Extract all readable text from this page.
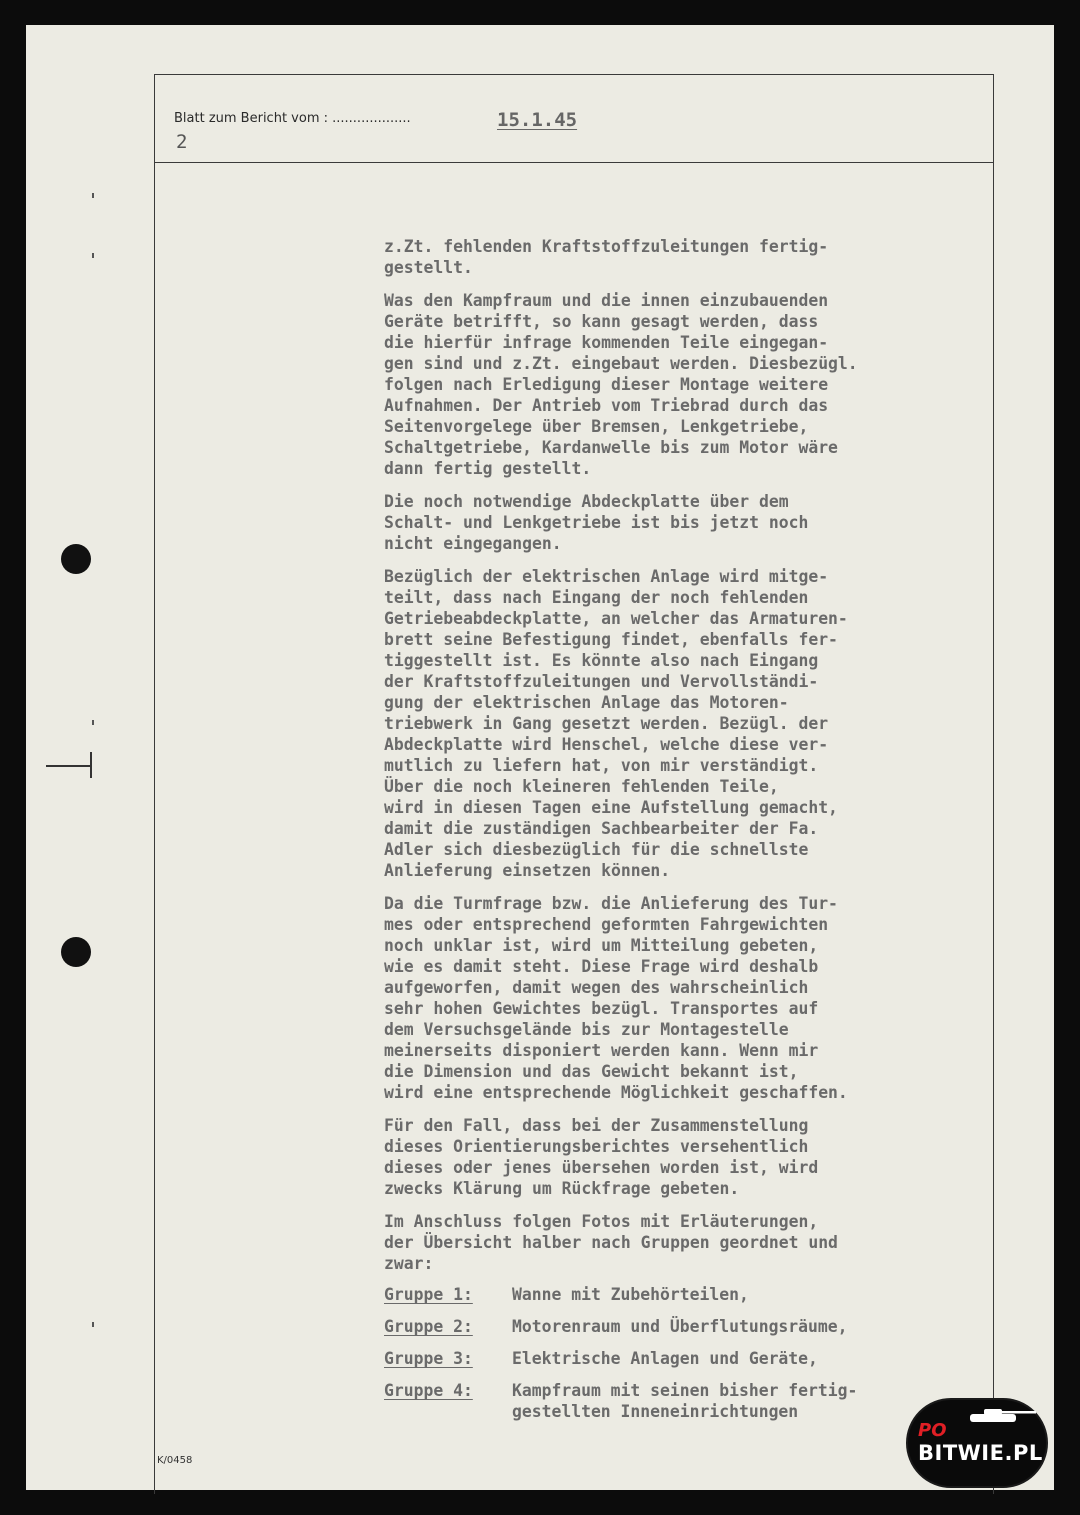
Blatt zum Bericht vom : ...................
2
15.1.45
z.Zt. fehlenden Kraftstoffzuleitungen fertig-
gestellt.
Was den Kampfraum und die innen einzubauenden
Geräte betrifft, so kann gesagt werden, dass
die hierfür infrage kommenden Teile eingegan-
gen sind und z.Zt. eingebaut werden. Diesbezügl.
folgen nach Erledigung dieser Montage weitere
Aufnahmen. Der Antrieb vom Triebrad durch das
Seitenvorgelege über Bremsen, Lenkgetriebe,
Schaltgetriebe, Kardanwelle bis zum Motor wäre
dann fertig gestellt.
Die noch notwendige Abdeckplatte über dem
Schalt- und Lenkgetriebe ist bis jetzt noch
nicht eingegangen.
Bezüglich der elektrischen Anlage wird mitge-
teilt, dass nach Eingang der noch fehlenden
Getriebeabdeckplatte, an welcher das Armaturen-
brett seine Befestigung findet, ebenfalls fer-
tiggestellt ist. Es könnte also nach Eingang
der Kraftstoffzuleitungen und Vervollständi-
gung der elektrischen Anlage das Motoren-
triebwerk in Gang gesetzt werden. Bezügl. der
Abdeckplatte wird Henschel, welche diese ver-
mutlich zu liefern hat, von mir verständigt.
Über die noch kleineren fehlenden Teile,
wird in diesen Tagen eine Aufstellung gemacht,
damit die zuständigen Sachbearbeiter der Fa.
Adler sich diesbezüglich für die schnellste
Anlieferung einsetzen können.
Da die Turmfrage bzw. die Anlieferung des Tur-
mes oder entsprechend geformten Fahrgewichten
noch unklar ist, wird um Mitteilung gebeten,
wie es damit steht. Diese Frage wird deshalb
aufgeworfen, damit wegen des wahrscheinlich
sehr hohen Gewichtes bezügl. Transportes auf
dem Versuchsgelände bis zur Montagestelle
meinerseits disponiert werden kann. Wenn mir
die Dimension und das Gewicht bekannt ist,
wird eine entsprechende Möglichkeit geschaffen.
Für den Fall, dass bei der Zusammenstellung
dieses Orientierungsberichtes versehentlich
dieses oder jenes übersehen worden ist, wird
zwecks Klärung um Rückfrage gebeten.
Im Anschluss folgen Fotos mit Erläuterungen,
der Übersicht halber nach Gruppen geordnet und
zwar:
Gruppe 1:	Wanne mit Zubehörteilen,
Gruppe 2:	Motorenraum und Überflutungsräume,
Gruppe 3:	Elektrische Anlagen und Geräte,
Gruppe 4:	Kampfraum mit seinen bisher fertig-
gestellten Inneneinrichtungen
K/0458
PO
BITWIE.PL
